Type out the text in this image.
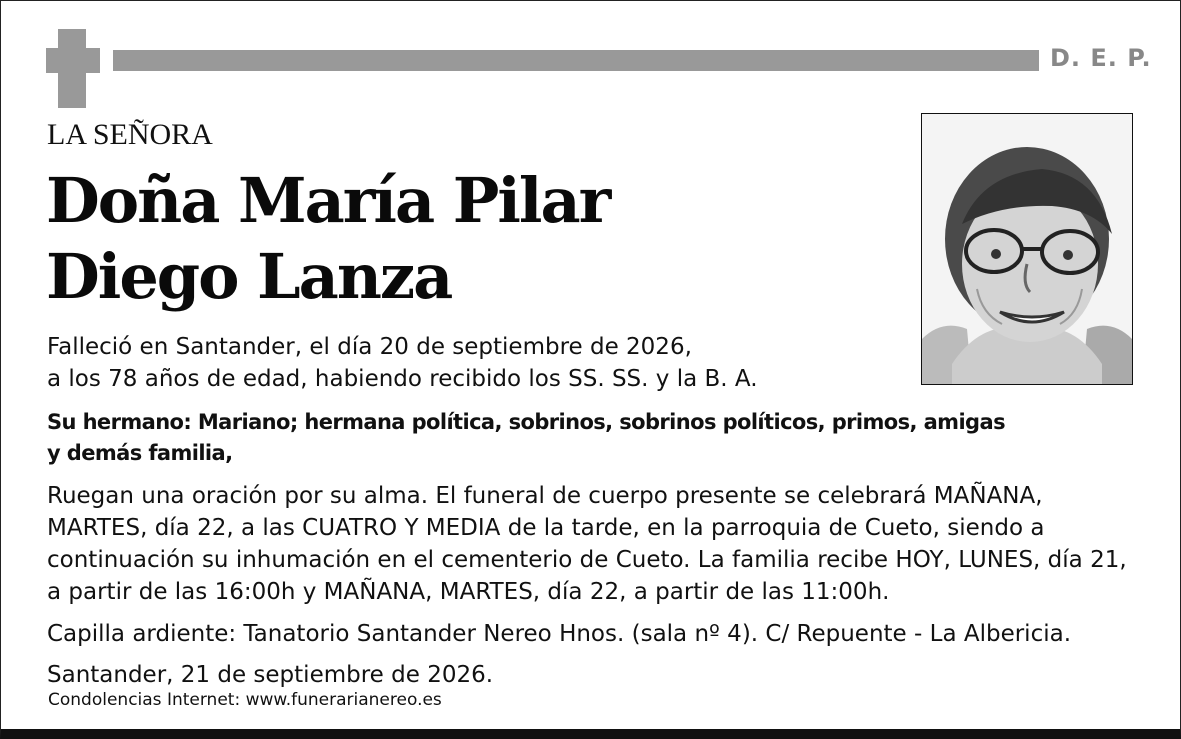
D. E. P.
LA SEÑORA
Doña María Pilar
Diego Lanza
Falleció en Santander, el día 20 de septiembre de 2026,
a los 78 años de edad, habiendo recibido los SS. SS. y la B. A.
Su hermano: Mariano; hermana política, sobrinos, sobrinos políticos, primos, amigas
y demás familia,
Ruegan una oración por su alma. El funeral de cuerpo presente se celebrará MAÑANA,
MARTES, día 22, a las CUATRO Y MEDIA de la tarde, en la parroquia de Cueto, siendo a
continuación su inhumación en el cementerio de Cueto. La familia recibe HOY, LUNES, día 21,
a partir de las 16:00h y MAÑANA, MARTES, día 22, a partir de las 11:00h.
Capilla ardiente: Tanatorio Santander Nereo Hnos. (sala nº 4). C/ Repuente - La Albericia.
Santander, 21 de septiembre de 2026.
Condolencias Internet: www.funerarianereo.es
